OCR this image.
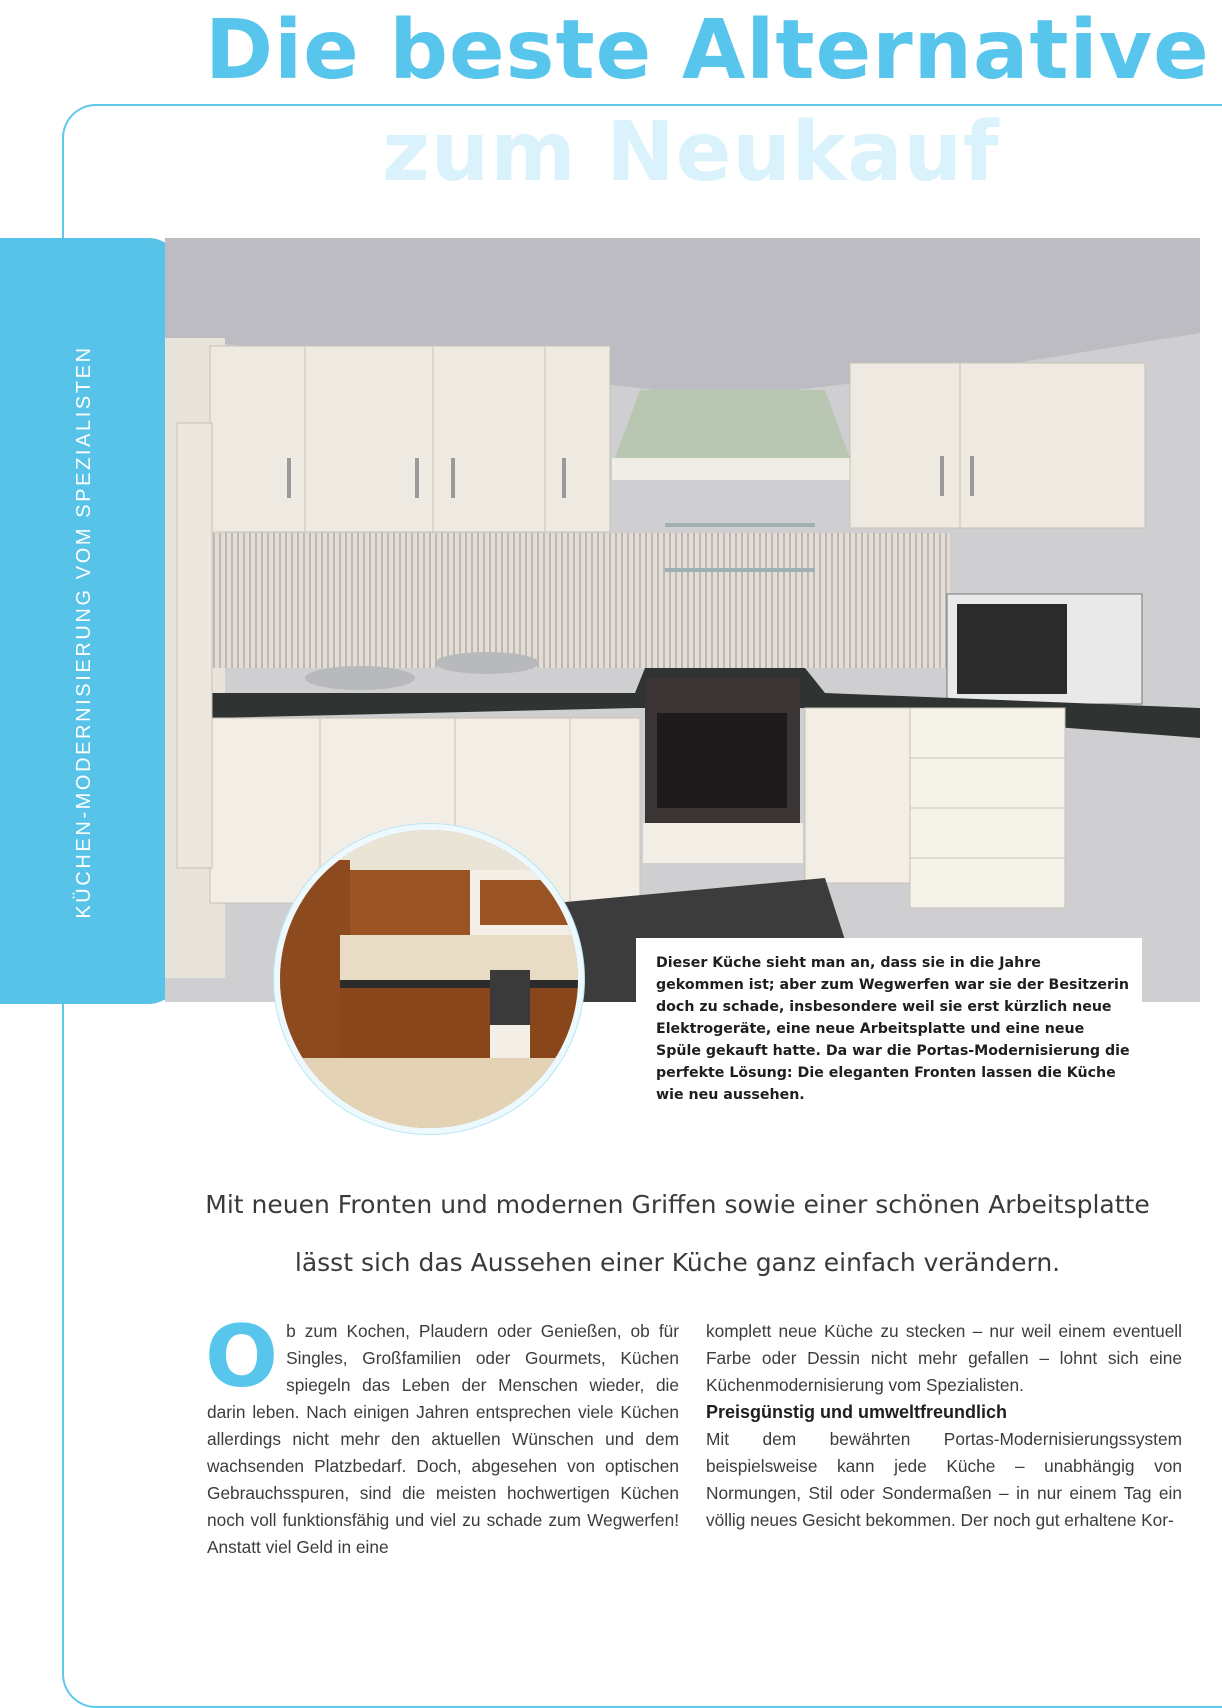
Die beste Alternative
zum Neukauf
KÜCHEN-MODERNISIERUNG VOM SPEZIALISTEN
Dieser Küche sieht man an, dass sie in die Jahre gekommen ist; aber zum Wegwerfen war sie der Besitzerin doch zu schade, insbesondere weil sie erst kürzlich neue Elektrogeräte, eine neue Arbeitsplatte und eine neue Spüle gekauft hatte. Da war die Portas-Modernisierung die perfekte Lösung: Die eleganten Fronten lassen die Küche wie neu aussehen.

Mit neuen Fronten und modernen Griffen sowie einer schönen Arbeitsplatte

lässt sich das Aussehen einer Küche ganz einfach verändern.

O b zum Kochen, Plaudern oder Genießen, ob für Singles, Großfamilien oder Gourmets, Küchen spiegeln das Leben der Menschen wieder, die darin leben. Nach einigen Jahren entsprechen viele Küchen allerdings nicht mehr den aktuellen Wünschen und dem wachsenden Platzbedarf. Doch, abgesehen von optischen Gebrauchsspuren, sind die meisten hochwertigen Küchen noch voll funktionsfähig und viel zu schade zum Wegwerfen! Anstatt viel Geld in eine

komplett neue Küche zu stecken – nur weil einem eventuell Farbe oder Dessin nicht mehr gefallen – lohnt sich eine Küchenmodernisierung vom Spezialisten.

Preisgünstig und umweltfreundlich

Mit dem bewährten Portas-Modernisierungssystem beispielsweise kann jede Küche – unabhängig von Normungen, Stil oder Sondermaßen – in nur einem Tag ein völlig neues Gesicht bekommen. Der noch gut erhaltene Kor-
